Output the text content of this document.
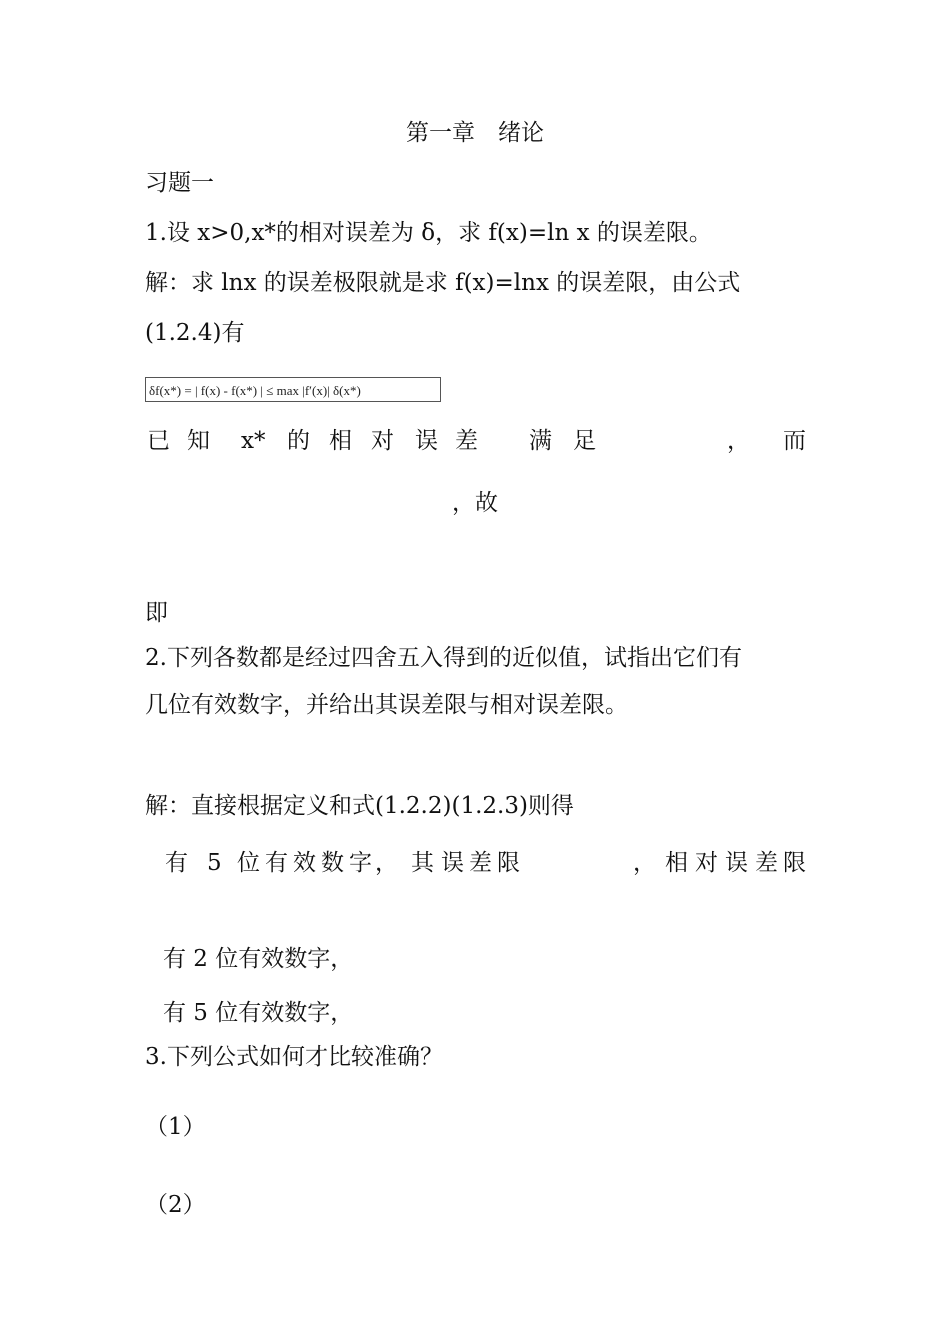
第一章　绪论
习题一
1.设 x>0,x*的相对误差为 δ，求 f(x)=ln x 的误差限。
解：求 lnx 的误差极限就是求 f(x)=lnx 的误差限，由公式
(1.2.4)有
δf(x*) = | f(x) - f(x*) | ≤ max |f′(x)| δ(x*)
已 知 x* 的 相 对 误 差 满 足	， 而
，故
即
2.下列各数都是经过四舍五入得到的近似值，试指出它们有
几位有效数字，并给出其误差限与相对误差限。
解：直接根据定义和式(1.2.2)(1.2.3)则得
有 5 位 有 效 数 字 ， 其 误 差 限	， 相 对 误 差 限
有 2 位有效数字，
有 5 位有效数字，
3.下列公式如何才比较准确？
（1）
（2）
